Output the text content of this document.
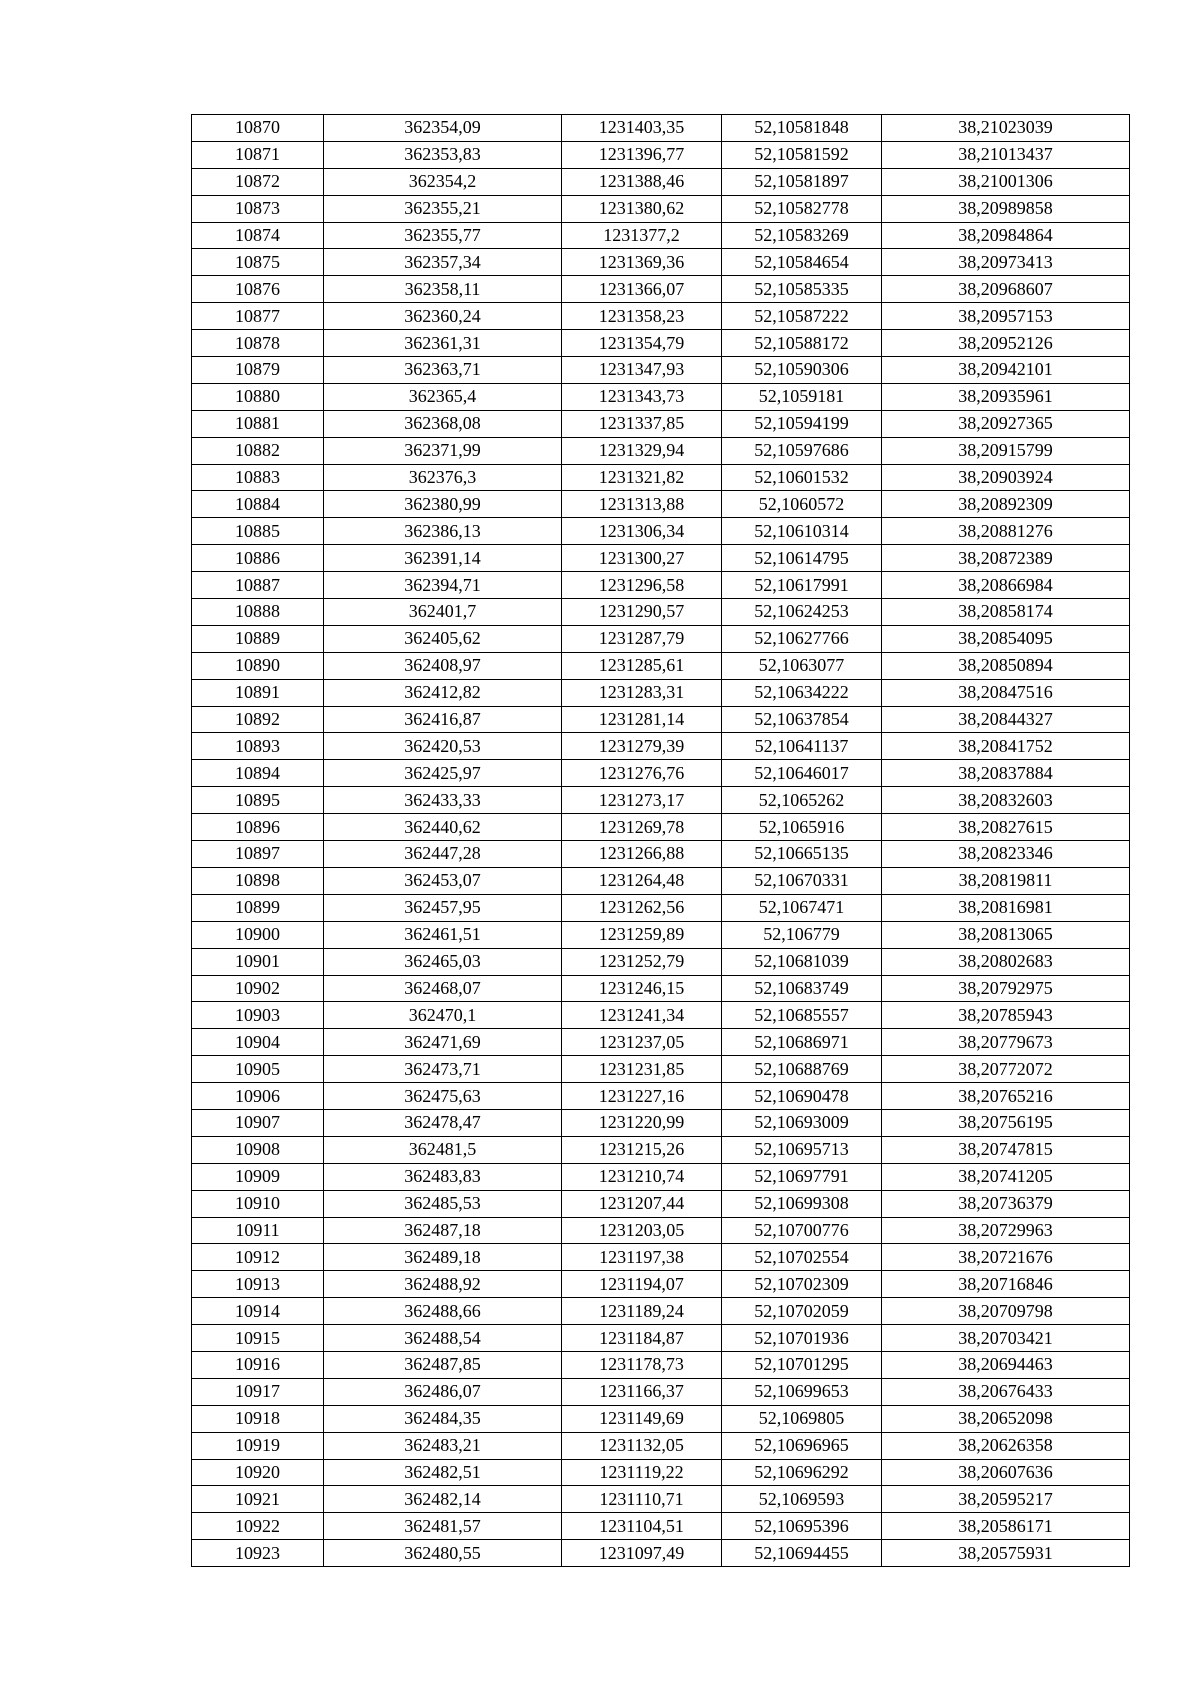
10870	362354,09	1231403,35	52,10581848	38,21023039
10871	362353,83	1231396,77	52,10581592	38,21013437
10872	362354,2	1231388,46	52,10581897	38,21001306
10873	362355,21	1231380,62	52,10582778	38,20989858
10874	362355,77	1231377,2	52,10583269	38,20984864
10875	362357,34	1231369,36	52,10584654	38,20973413
10876	362358,11	1231366,07	52,10585335	38,20968607
10877	362360,24	1231358,23	52,10587222	38,20957153
10878	362361,31	1231354,79	52,10588172	38,20952126
10879	362363,71	1231347,93	52,10590306	38,20942101
10880	362365,4	1231343,73	52,1059181	38,20935961
10881	362368,08	1231337,85	52,10594199	38,20927365
10882	362371,99	1231329,94	52,10597686	38,20915799
10883	362376,3	1231321,82	52,10601532	38,20903924
10884	362380,99	1231313,88	52,1060572	38,20892309
10885	362386,13	1231306,34	52,10610314	38,20881276
10886	362391,14	1231300,27	52,10614795	38,20872389
10887	362394,71	1231296,58	52,10617991	38,20866984
10888	362401,7	1231290,57	52,10624253	38,20858174
10889	362405,62	1231287,79	52,10627766	38,20854095
10890	362408,97	1231285,61	52,1063077	38,20850894
10891	362412,82	1231283,31	52,10634222	38,20847516
10892	362416,87	1231281,14	52,10637854	38,20844327
10893	362420,53	1231279,39	52,10641137	38,20841752
10894	362425,97	1231276,76	52,10646017	38,20837884
10895	362433,33	1231273,17	52,1065262	38,20832603
10896	362440,62	1231269,78	52,1065916	38,20827615
10897	362447,28	1231266,88	52,10665135	38,20823346
10898	362453,07	1231264,48	52,10670331	38,20819811
10899	362457,95	1231262,56	52,1067471	38,20816981
10900	362461,51	1231259,89	52,106779	38,20813065
10901	362465,03	1231252,79	52,10681039	38,20802683
10902	362468,07	1231246,15	52,10683749	38,20792975
10903	362470,1	1231241,34	52,10685557	38,20785943
10904	362471,69	1231237,05	52,10686971	38,20779673
10905	362473,71	1231231,85	52,10688769	38,20772072
10906	362475,63	1231227,16	52,10690478	38,20765216
10907	362478,47	1231220,99	52,10693009	38,20756195
10908	362481,5	1231215,26	52,10695713	38,20747815
10909	362483,83	1231210,74	52,10697791	38,20741205
10910	362485,53	1231207,44	52,10699308	38,20736379
10911	362487,18	1231203,05	52,10700776	38,20729963
10912	362489,18	1231197,38	52,10702554	38,20721676
10913	362488,92	1231194,07	52,10702309	38,20716846
10914	362488,66	1231189,24	52,10702059	38,20709798
10915	362488,54	1231184,87	52,10701936	38,20703421
10916	362487,85	1231178,73	52,10701295	38,20694463
10917	362486,07	1231166,37	52,10699653	38,20676433
10918	362484,35	1231149,69	52,1069805	38,20652098
10919	362483,21	1231132,05	52,10696965	38,20626358
10920	362482,51	1231119,22	52,10696292	38,20607636
10921	362482,14	1231110,71	52,1069593	38,20595217
10922	362481,57	1231104,51	52,10695396	38,20586171
10923	362480,55	1231097,49	52,10694455	38,20575931
